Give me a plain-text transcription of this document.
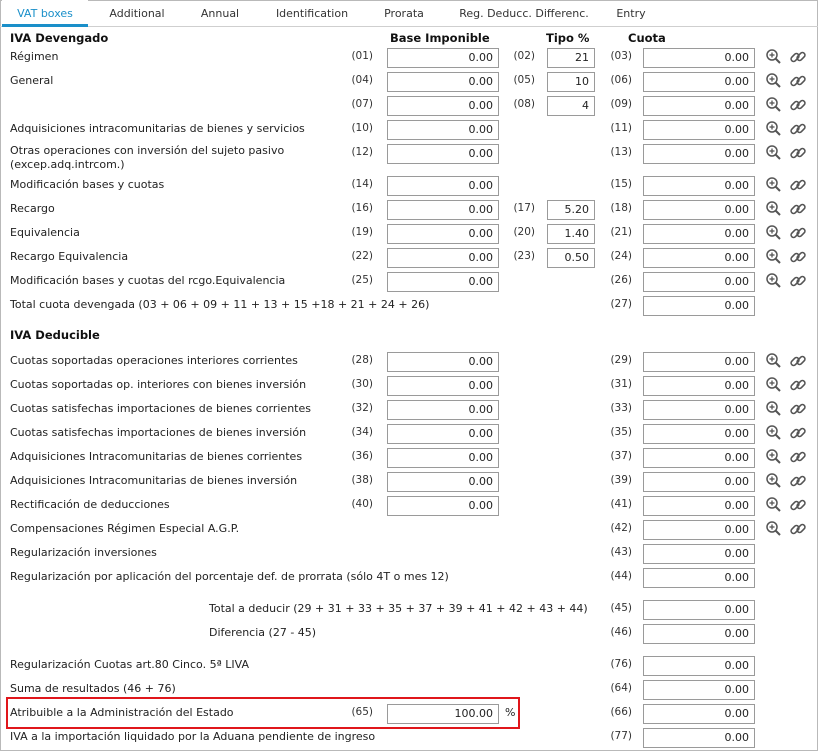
VAT boxes	Additional	Annual	Identification	Prorata	Reg. Deducc. Differenc.	Entry
IVA Devengado	Base Imponible	Tipo %	Cuota
Régimen	(01)	0.00	(02)	21	(03)	0.00
General	(04)	0.00	(05)	10	(06)	0.00
(07)	0.00	(08)	4	(09)	0.00
Adquisiciones intracomunitarias de bienes y servicios	(10)	0.00	(11)	0.00
Otras operaciones con inversión del sujeto pasivo (excep.adq.intrcom.)
(12)	0.00	(13)	0.00
Modificación bases y cuotas	(14)	0.00	(15)	0.00
Recargo	(16)	0.00	(17)	5.20	(18)	0.00
Equivalencia	(19)	0.00	(20)	1.40	(21)	0.00
Recargo Equivalencia	(22)	0.00	(23)	0.50	(24)	0.00
Modificación bases y cuotas del rcgo.Equivalencia	(25)	0.00	(26)	0.00
Total cuota devengada (03 + 06 + 09 + 11 + 13 + 15 +18 + 21 + 24 + 26)	(27)	0.00
IVA Deducible
Cuotas soportadas operaciones interiores corrientes	(28)	0.00	(29)	0.00
Cuotas soportadas op. interiores con bienes inversión	(30)	0.00	(31)	0.00
Cuotas satisfechas importaciones de bienes corrientes	(32)	0.00	(33)	0.00
Cuotas satisfechas importaciones de bienes inversión	(34)	0.00	(35)	0.00
Adquisiciones Intracomunitarias de bienes corrientes	(36)	0.00	(37)	0.00
Adquisiciones Intracomunitarias de bienes inversión	(38)	0.00	(39)	0.00
Rectificación de deducciones	(40)	0.00	(41)	0.00
Compensaciones Régimen Especial A.G.P.	(42)	0.00
Regularización inversiones	(43)	0.00
Regularización por aplicación del porcentaje def. de prorrata (sólo 4T o mes 12)	(44)	0.00
Total a deducir (29 + 31 + 33 + 35 + 37 + 39 + 41 + 42 + 43 + 44)	(45)	0.00
Diferencia (27 - 45)	(46)	0.00
Regularización Cuotas art.80 Cinco. 5ª LIVA	(76)	0.00
Suma de resultados (46 + 76)	(64)	0.00
Atribuible a la Administración del Estado	(65)	100.00	%	(66)	0.00
IVA a la importación liquidado por la Aduana pendiente de ingreso	(77)	0.00
